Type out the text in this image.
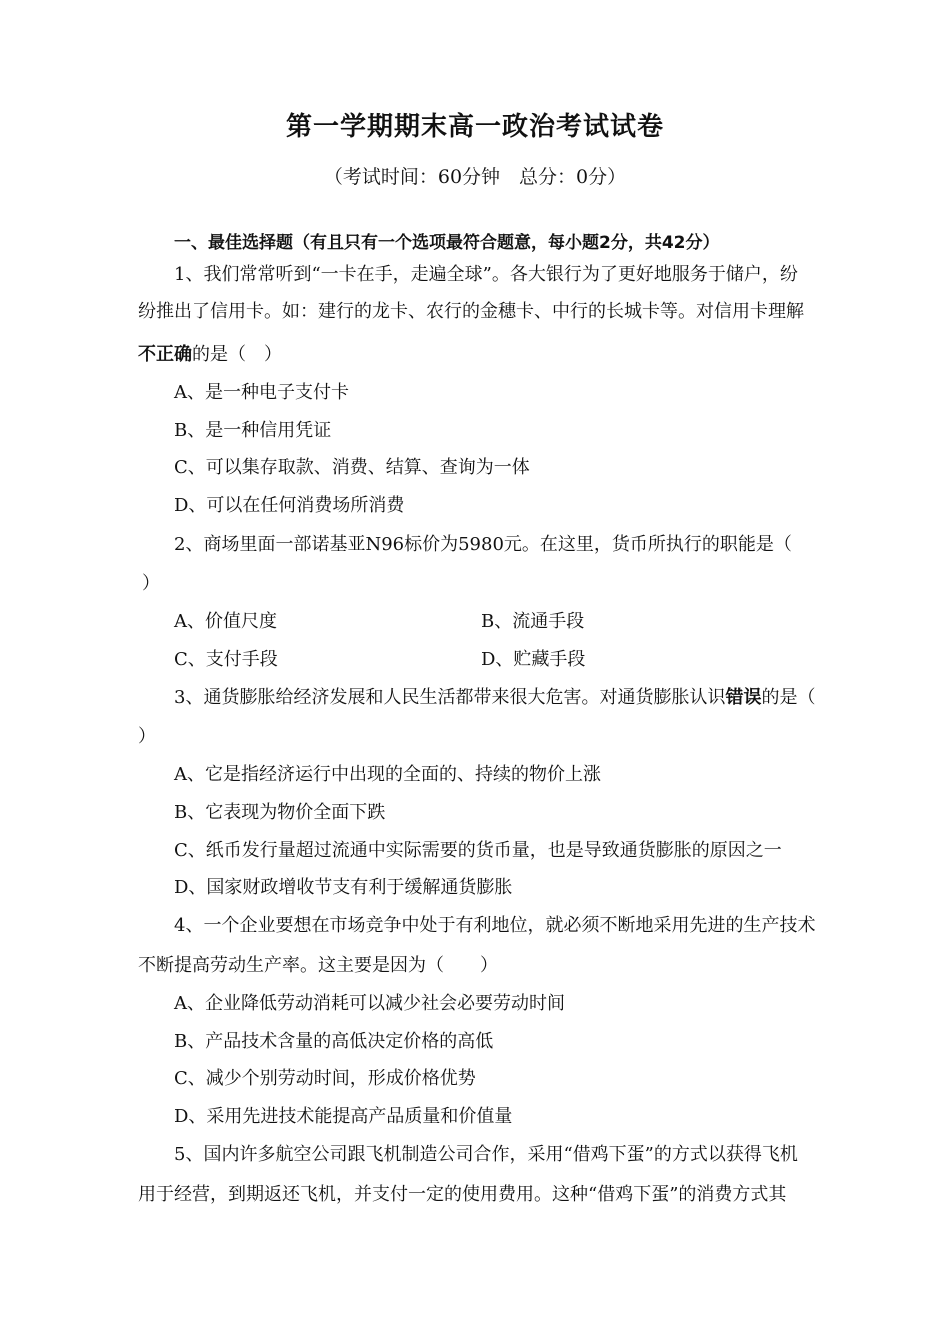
第一学期期末高一政治考试试卷
（考试时间：60分钟　总分：0分）
一、最佳选择题（有且只有一个选项最符合题意，每小题2分，共42分）
1、我们常常听到“一卡在手，走遍全球”。各大银行为了更好地服务于储户，纷
纷推出了信用卡。如：建行的龙卡、农行的金穗卡、中行的长城卡等。对信用卡理解
不正确的是（　）
A、是一种电子支付卡
B、是一种信用凭证
C、可以集存取款、消费、结算、查询为一体
D、可以在任何消费场所消费
2、商场里面一部诺基亚N96标价为5980元。在这里，货币所执行的职能是（
）
A、价值尺度	B、流通手段
C、支付手段	D、贮藏手段
3、通货膨胀给经济发展和人民生活都带来很大危害。对通货膨胀认识错误的是（
）
A、它是指经济运行中出现的全面的、持续的物价上涨
B、它表现为物价全面下跌
C、纸币发行量超过流通中实际需要的货币量，也是导致通货膨胀的原因之一
D、国家财政增收节支有利于缓解通货膨胀
4、一个企业要想在市场竞争中处于有利地位，就必须不断地采用先进的生产技术
不断提高劳动生产率。这主要是因为（　　）
A、企业降低劳动消耗可以减少社会必要劳动时间
B、产品技术含量的高低决定价格的高低
C、减少个别劳动时间，形成价格优势
D、采用先进技术能提高产品质量和价值量
5、国内许多航空公司跟飞机制造公司合作，采用“借鸡下蛋”的方式以获得飞机
用于经营，到期返还飞机，并支付一定的使用费用。这种“借鸡下蛋”的消费方式其
